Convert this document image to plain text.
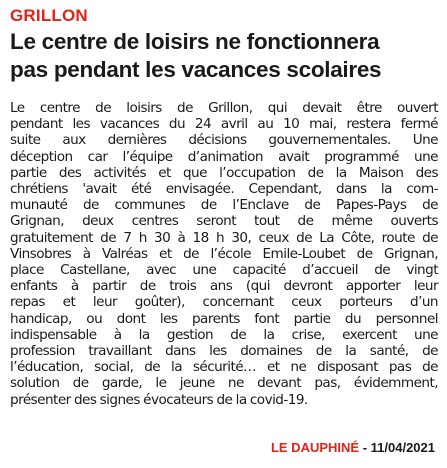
GRILLON
Le centre de loisirs ne fonctionnera
pas pendant les vacances scolaires
Le centre de loisirs de Grillon, qui devait être ouvert
pendant les vacances du 24 avril au 10 mai, restera fermé
suite aux dernières décisions gouvernementales. Une
déception car l’équipe d’animation avait programmé une
partie des activités et que l’occupation de la Maison des
chrétiens 'avait été envisagée. Cependant, dans la com-
munauté de communes de l’Enclave de Papes-Pays de
Grignan, deux centres seront tout de même ouverts
gratuitement de 7 h 30 à 18 h 30, ceux de La Côte, route de
Vinsobres à Valréas et de l’école Emile-Loubet de Grignan,
place Castellane, avec une capacité d’accueil de vingt
enfants à partir de trois ans (qui devront apporter leur
repas et leur goûter), concernant ceux porteurs d’un
handicap, ou dont les parents font partie du personnel
indispensable à la gestion de la crise, exercent une
profession travaillant dans les domaines de la santé, de
l’éducation, social, de la sécurité… et ne disposant pas de
solution de garde, le jeune ne devant pas, évidemment,
présenter des signes évocateurs de la covid-19.
LE DAUPHINÉ - 11/04/2021
